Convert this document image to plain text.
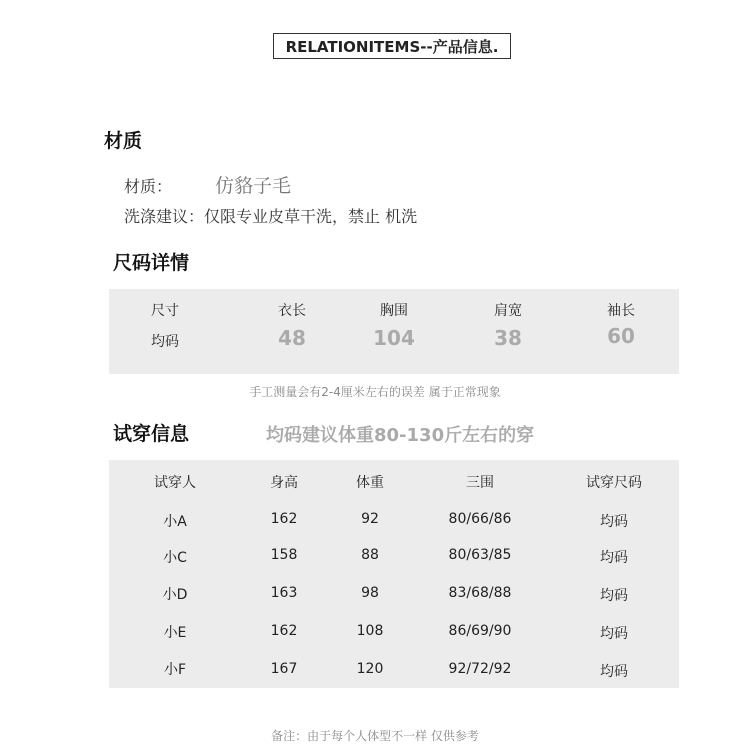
RELATIONITEMS--产品信息.
材质
材质： 仿貉子毛
洗涤建议：仅限专业皮草干洗，禁止 机洗
尺码详情
尺寸	衣长	胸围	肩宽	袖长
均码	48	104	38	60
手工测量会有2-4厘米左右的误差 属于正常现象
试穿信息	均码建议体重80-130斤左右的穿
试穿人	身高	体重	三围	试穿尺码
小A	162	92	80/66/86	均码
小C	158	88	80/63/85	均码
小D	163	98	83/68/88	均码
小E	162	108	86/69/90	均码
小F	167	120	92/72/92	均码
备注：由于每个人体型不一样 仅供参考
